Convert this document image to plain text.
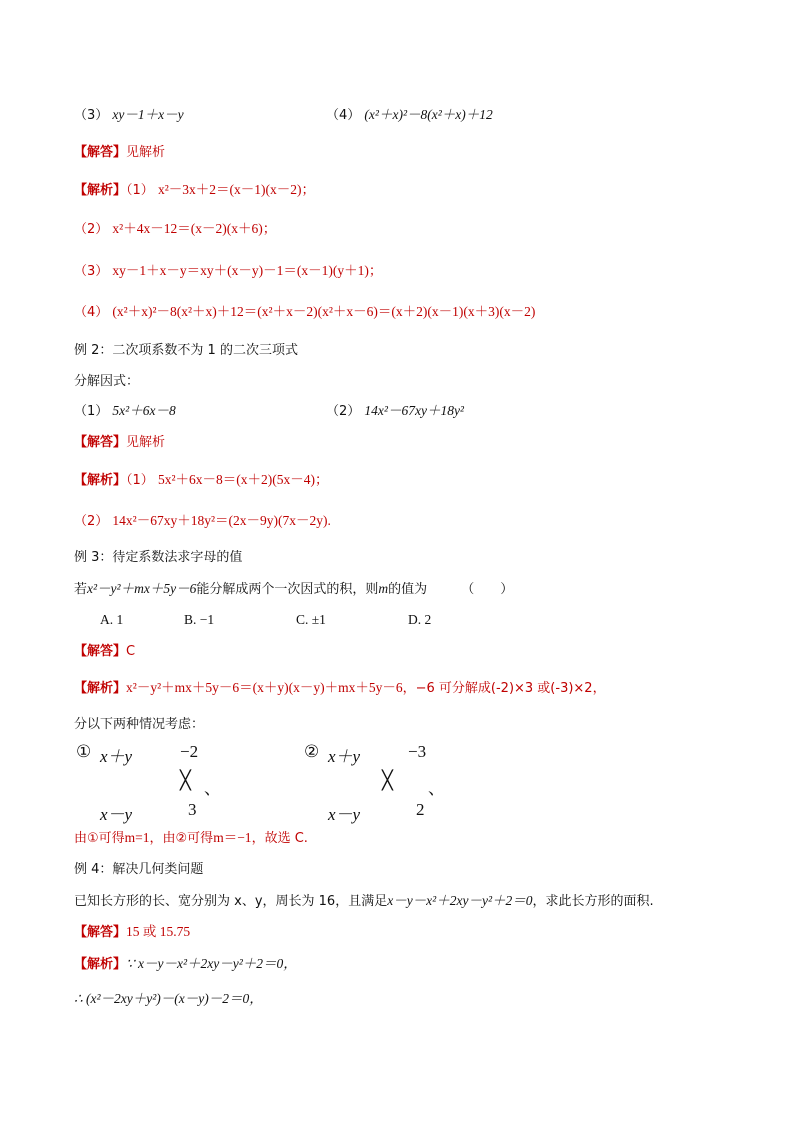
（3） xy－1＋x－y	（4） (x²＋x)²－8(x²＋x)＋12
【解答】见解析
【解析】（1） x²－3x＋2＝(x－1)(x－2)；
（2） x²＋4x－12＝(x－2)(x＋6)；
（3） xy－1＋x－y＝xy＋(x－y)－1＝(x－1)(y＋1)；
（4） (x²＋x)²－8(x²＋x)＋12＝(x²＋x－2)(x²＋x－6)＝(x＋2)(x－1)(x＋3)(x－2)
例 2：二次项系数不为 1 的二次三项式
分解因式：
（1） 5x²＋6x－8	（2） 14x²－67xy＋18y²
【解答】见解析
【解析】（1） 5x²＋6x－8＝(x＋2)(5x－4)；
（2） 14x²－67xy＋18y²＝(2x－9y)(7x－2y).
例 3：待定系数法求字母的值
若x²－y²＋mx＋5y－6能分解成两个一次因式的积，则m的值为	（　　）
A. 1	B. −1	C. ±1	D. 2
【解答】C
【解析】x²－y²＋mx＋5y－6＝(x＋y)(x－y)＋mx＋5y－6，−6 可分解成(-2)×3 或(-3)×2，
分以下两种情况考虑：
① x＋y	−2
╳ 、
x－y	3
② x＋y	−3
╳ 、
x－y	2
由①可得m=1，由②可得m＝−1，故选 C.
例 4：解决几何类问题
已知长方形的长、宽分别为 x、y，周长为 16，且满足x－y－x²＋2xy－y²＋2＝0，求此长方形的面积.
【解答】15 或 15.75
【解析】∵ x－y－x²＋2xy－y²＋2＝0，
∴ (x²－2xy＋y²)－(x－y)－2＝0，
